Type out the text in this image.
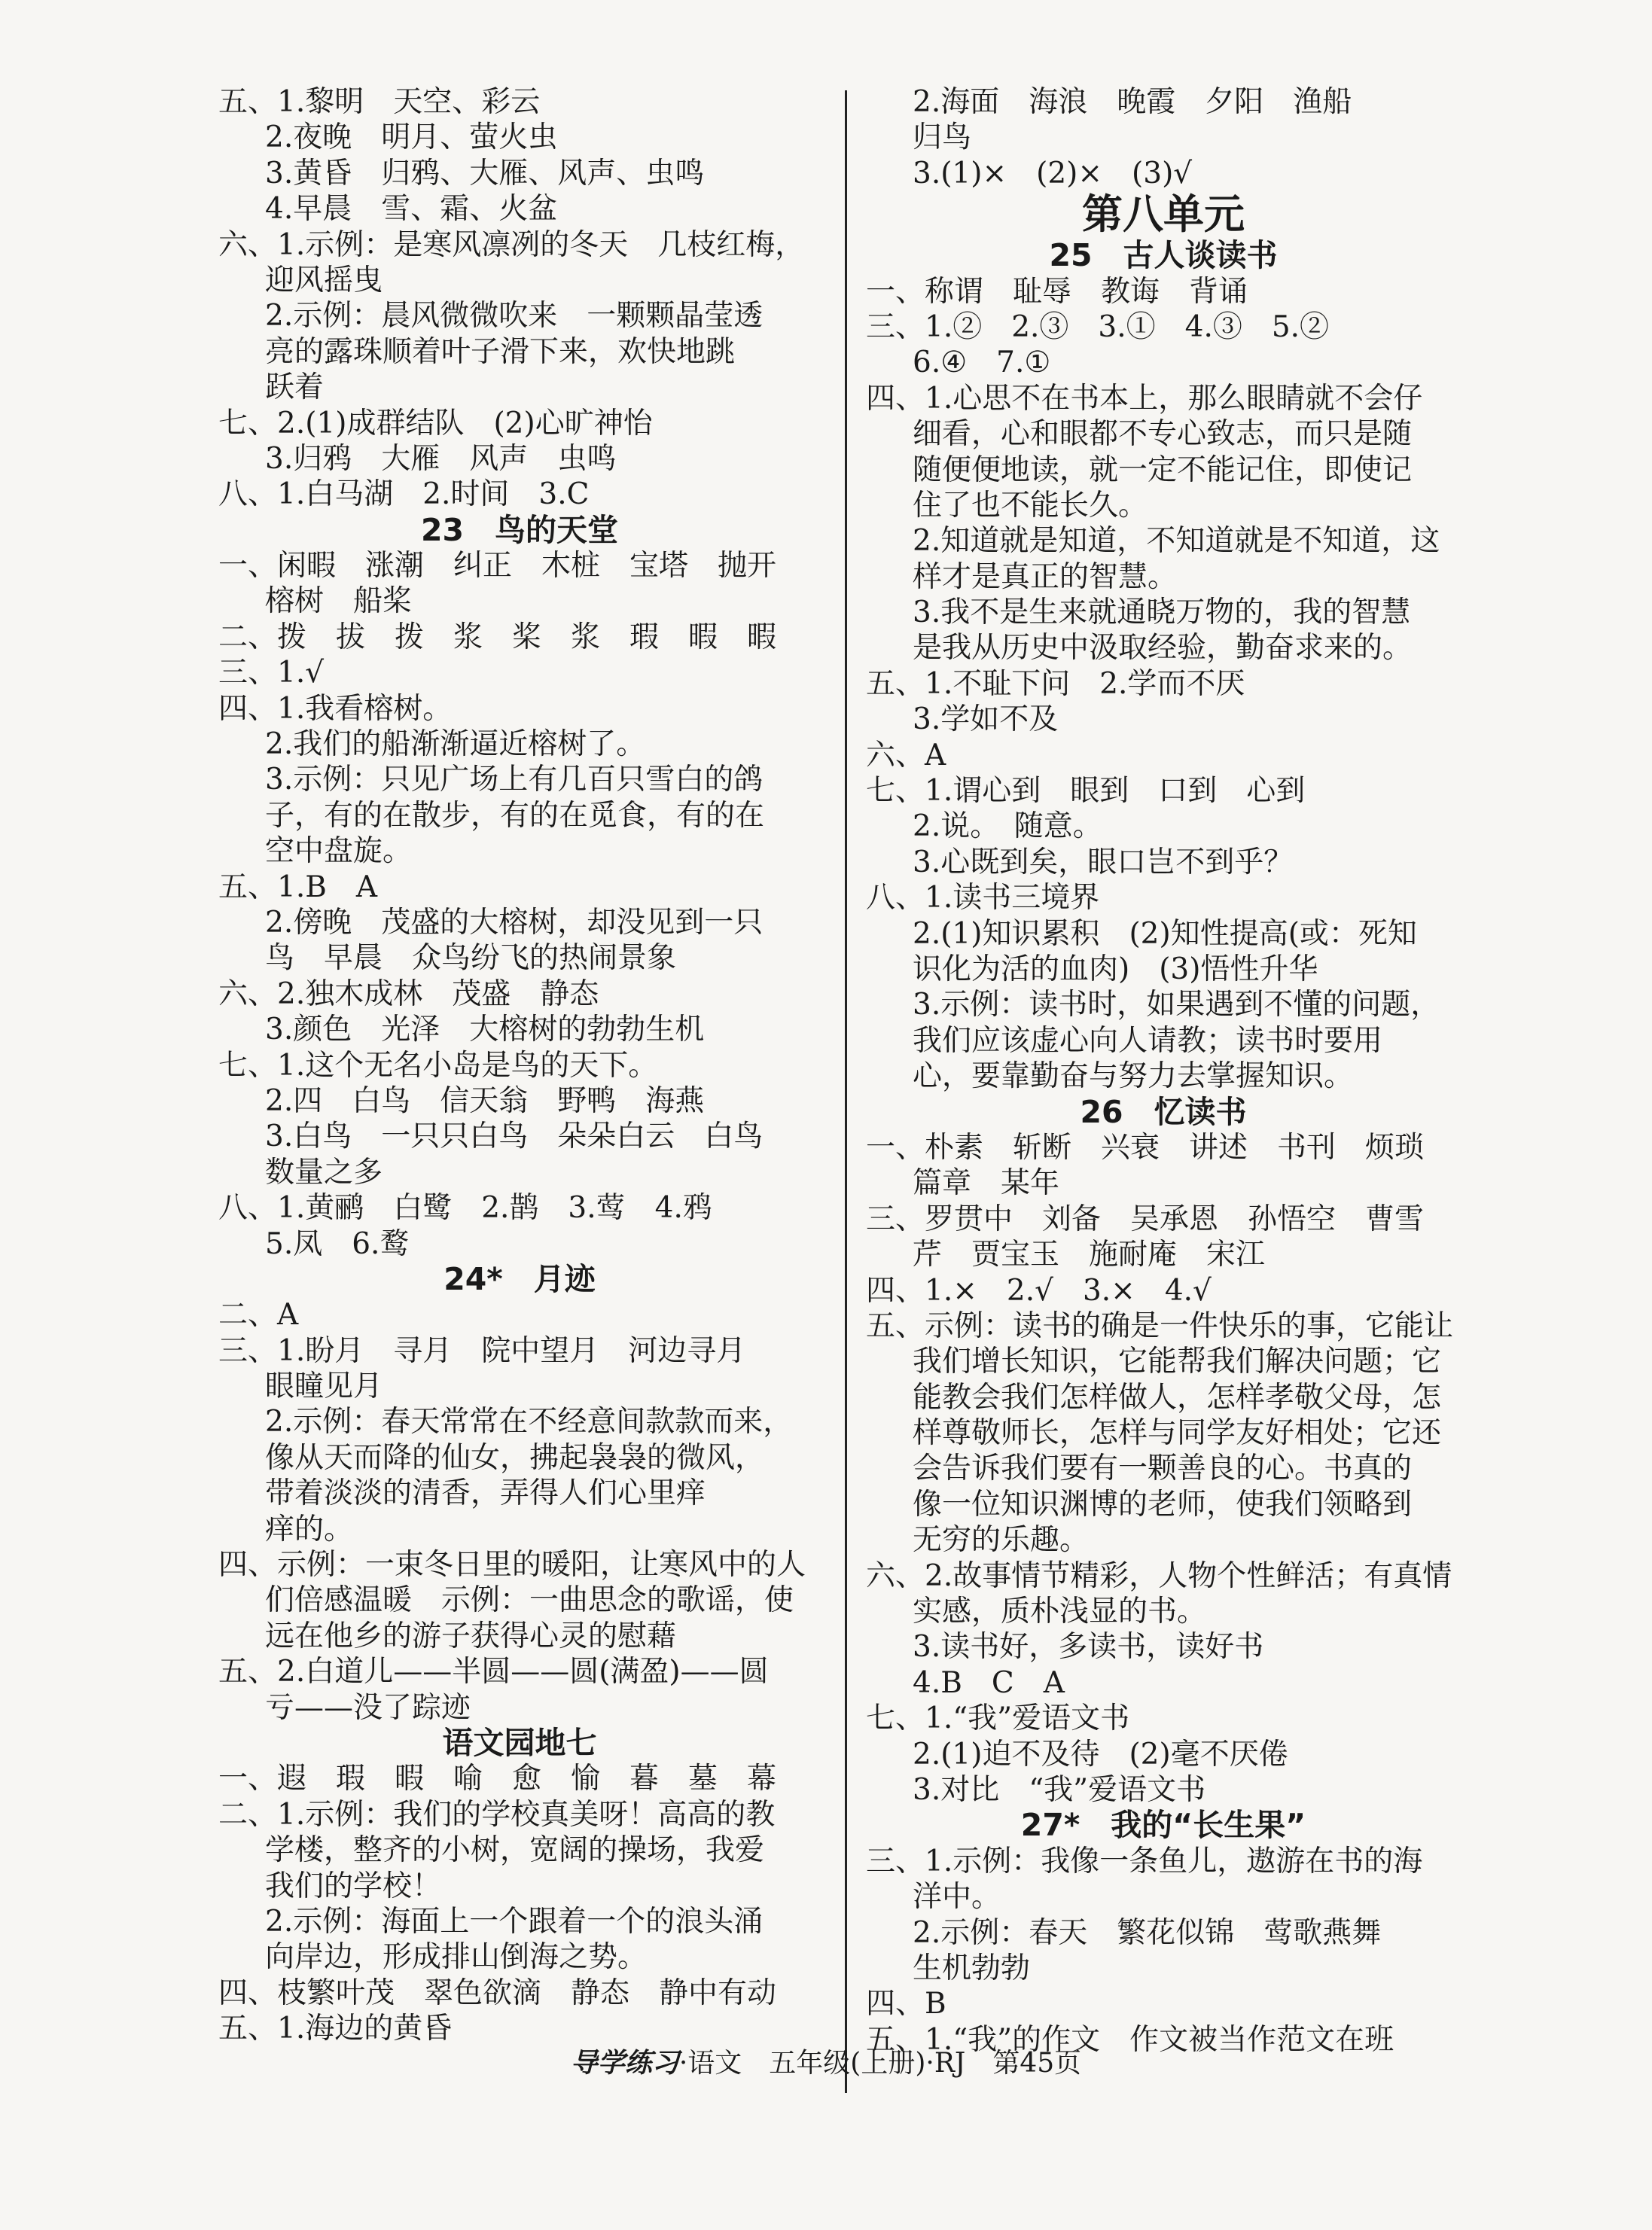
五、1.黎明　天空、彩云
2.夜晚　明月、萤火虫
3.黄昏　归鸦、大雁、风声、虫鸣
4.早晨　雪、霜、火盆
六、1.示例：是寒风凛冽的冬天　几枝红梅，
迎风摇曳
2.示例：晨风微微吹来　一颗颗晶莹透
亮的露珠顺着叶子滑下来，欢快地跳
跃着
七、2.(1)成群结队　(2)心旷神怡
3.归鸦　大雁　风声　虫鸣
八、1.白马湖　2.时间　3.C
23　鸟的天堂
一、闲暇　涨潮　纠正　木桩　宝塔　抛开
榕树　船桨
二、拨　拔　拨　浆　桨　浆　瑕　暇　暇
三、1.√
四、1.我看榕树。
2.我们的船渐渐逼近榕树了。
3.示例：只见广场上有几百只雪白的鸽
子，有的在散步，有的在觅食，有的在
空中盘旋。
五、1.B　A
2.傍晚　茂盛的大榕树，却没见到一只
鸟　早晨　众鸟纷飞的热闹景象
六、2.独木成林　茂盛　静态
3.颜色　光泽　大榕树的勃勃生机
七、1.这个无名小岛是鸟的天下。
2.四　白鸟　信天翁　野鸭　海燕
3.白鸟　一只只白鸟　朵朵白云　白鸟
数量之多
八、1.黄鹂　白鹭　2.鹊　3.莺　4.鸦
5.凤　6.鹜
24*　月迹
二、A
三、1.盼月　寻月　院中望月　河边寻月
眼瞳见月
2.示例：春天常常在不经意间款款而来，
像从天而降的仙女，拂起袅袅的微风，
带着淡淡的清香，弄得人们心里痒
痒的。
四、示例：一束冬日里的暖阳，让寒风中的人
们倍感温暖　示例：一曲思念的歌谣，使
远在他乡的游子获得心灵的慰藉
五、2.白道儿——半圆——圆(满盈)——圆
亏——没了踪迹
语文园地七
一、遐　瑕　暇　喻　愈　愉　暮　墓　幕
二、1.示例：我们的学校真美呀！高高的教
学楼，整齐的小树，宽阔的操场，我爱
我们的学校！
2.示例：海面上一个跟着一个的浪头涌
向岸边，形成排山倒海之势。
四、枝繁叶茂　翠色欲滴　静态　静中有动
五、1.海边的黄昏
2.海面　海浪　晚霞　夕阳　渔船
归鸟
3.(1)×　(2)×　(3)√
第八单元
25　古人谈读书
一、称谓　耻辱　教诲　背诵
三、1.②　2.③　3.①　4.③　5.②
6.④　7.①
四、1.心思不在书本上，那么眼睛就不会仔
细看，心和眼都不专心致志，而只是随
随便便地读，就一定不能记住，即使记
住了也不能长久。
2.知道就是知道，不知道就是不知道，这
样才是真正的智慧。
3.我不是生来就通晓万物的，我的智慧
是我从历史中汲取经验，勤奋求来的。
五、1.不耻下问　2.学而不厌
3.学如不及
六、A
七、1.谓心到　眼到　口到　心到
2.说。　随意。
3.心既到矣，眼口岂不到乎？
八、1.读书三境界
2.(1)知识累积　(2)知性提高(或：死知
识化为活的血肉)　(3)悟性升华
3.示例：读书时，如果遇到不懂的问题，
我们应该虚心向人请教；读书时要用
心，要靠勤奋与努力去掌握知识。
26　忆读书
一、朴素　斩断　兴衰　讲述　书刊　烦琐
篇章　某年
三、罗贯中　刘备　吴承恩　孙悟空　曹雪
芹　贾宝玉　施耐庵　宋江
四、1.×　2.√　3.×　4.√
五、示例：读书的确是一件快乐的事，它能让
我们增长知识，它能帮我们解决问题；它
能教会我们怎样做人，怎样孝敬父母，怎
样尊敬师长，怎样与同学友好相处；它还
会告诉我们要有一颗善良的心。书真的
像一位知识渊博的老师，使我们领略到
无穷的乐趣。
六、2.故事情节精彩，人物个性鲜活；有真情
实感，质朴浅显的书。
3.读书好，多读书，读好书
4.B　C　A
七、1.“我”爱语文书
2.(1)迫不及待　(2)毫不厌倦
3.对比　“我”爱语文书
27*　我的“长生果”
三、1.示例：我像一条鱼儿，遨游在书的海
洋中。
2.示例：春天　繁花似锦　莺歌燕舞
生机勃勃
四、B
五、1.“我”的作文　作文被当作范文在班
导学练习·语文　五年级(上册)·RJ　第45页
